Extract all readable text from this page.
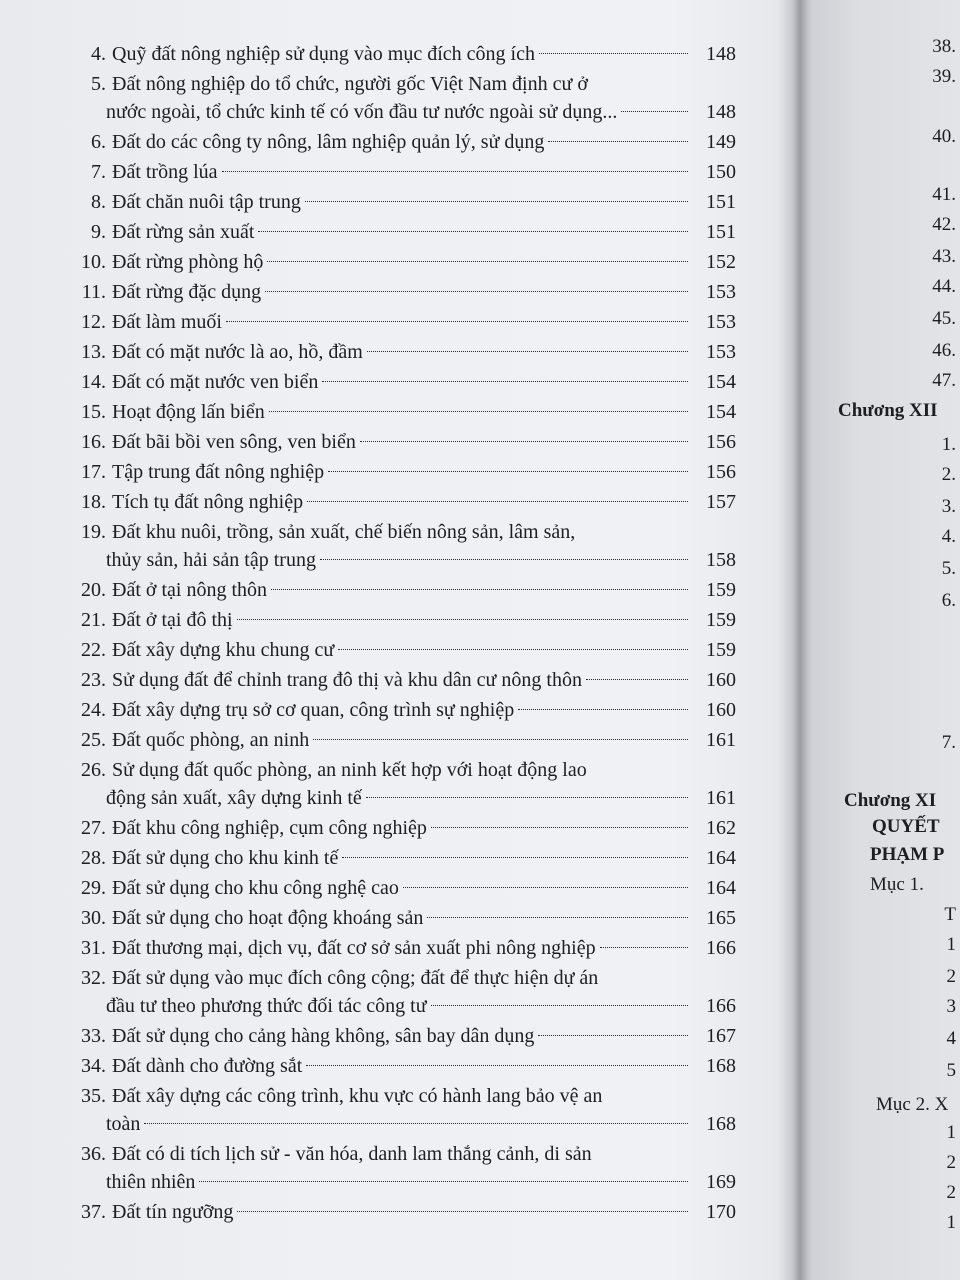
4. Quỹ đất nông nghiệp sử dụng vào mục đích công ích	148
5. Đất nông nghiệp do tổ chức, người gốc Việt Nam định cư ở
nước ngoài, tổ chức kinh tế có vốn đầu tư nước ngoài sử dụng...	148
6. Đất do các công ty nông, lâm nghiệp quản lý, sử dụng	149
7. Đất trồng lúa	150
8. Đất chăn nuôi tập trung	151
9. Đất rừng sản xuất	151
10. Đất rừng phòng hộ	152
11. Đất rừng đặc dụng	153
12. Đất làm muối	153
13. Đất có mặt nước là ao, hồ, đầm	153
14. Đất có mặt nước ven biển	154
15. Hoạt động lấn biển	154
16. Đất bãi bồi ven sông, ven biển	156
17. Tập trung đất nông nghiệp	156
18. Tích tụ đất nông nghiệp	157
19. Đất khu nuôi, trồng, sản xuất, chế biến nông sản, lâm sản,
thủy sản, hải sản tập trung	158
20. Đất ở tại nông thôn	159
21. Đất ở tại đô thị	159
22. Đất xây dựng khu chung cư	159
23. Sử dụng đất để chỉnh trang đô thị và khu dân cư nông thôn	160
24. Đất xây dựng trụ sở cơ quan, công trình sự nghiệp	160
25. Đất quốc phòng, an ninh	161
26. Sử dụng đất quốc phòng, an ninh kết hợp với hoạt động lao
động sản xuất, xây dựng kinh tế	161
27. Đất khu công nghiệp, cụm công nghiệp	162
28. Đất sử dụng cho khu kinh tế	164
29. Đất sử dụng cho khu công nghệ cao	164
30. Đất sử dụng cho hoạt động khoáng sản	165
31. Đất thương mại, dịch vụ, đất cơ sở sản xuất phi nông nghiệp	166
32. Đất sử dụng vào mục đích công cộng; đất để thực hiện dự án
đầu tư theo phương thức đối tác công tư	166
33. Đất sử dụng cho cảng hàng không, sân bay dân dụng	167
34. Đất dành cho đường sắt	168
35. Đất xây dựng các công trình, khu vực có hành lang bảo vệ an
toàn	168
36. Đất có di tích lịch sử - văn hóa, danh lam thắng cảnh, di sản
thiên nhiên	169
37. Đất tín ngưỡng	170
38.
39.
40.
41.
42.
43.
44.
45.
46.
47.
1.
2.
3.
4.
5.
6.
7.
T
1
2
3
4
5
1
2
2
1
Chương XII
Chương XI
QUYẾT
PHẠM P
Mục 1.
Mục 2. X
